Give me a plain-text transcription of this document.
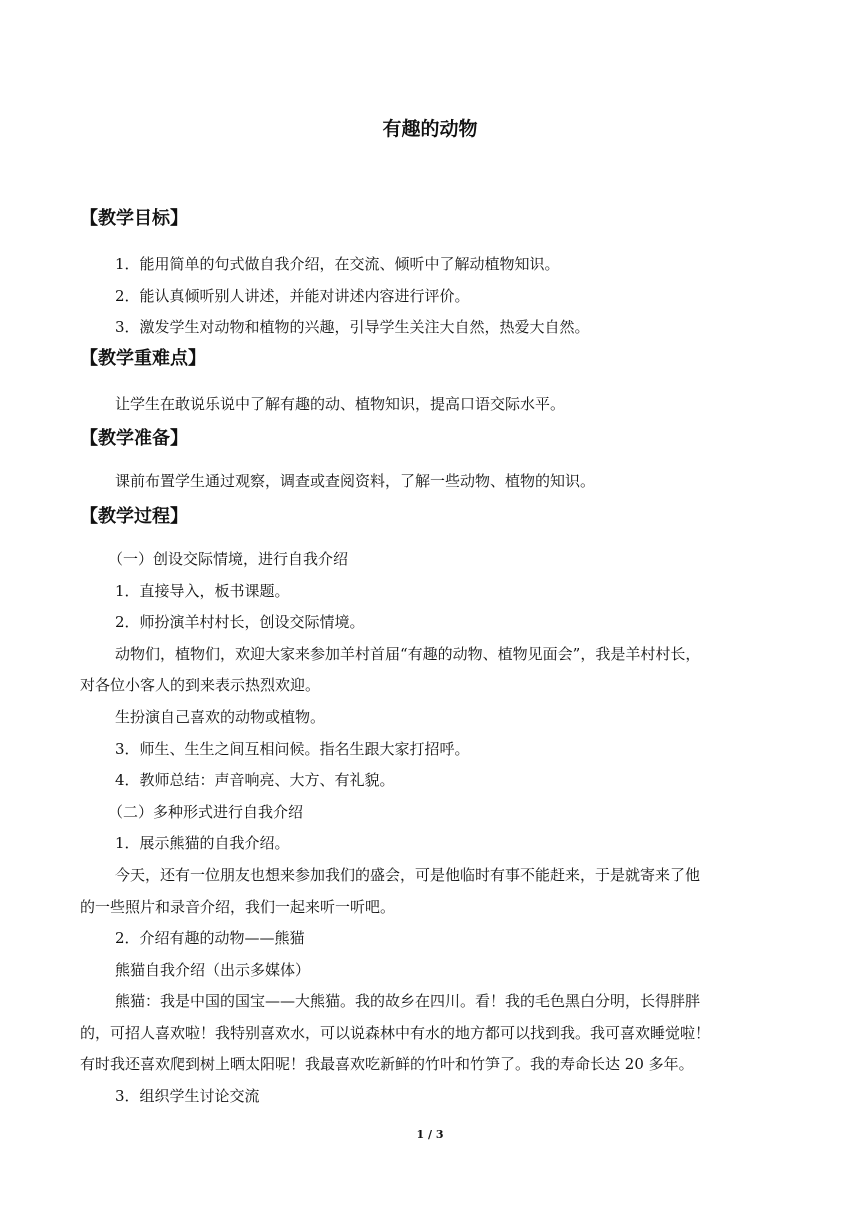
有趣的动物
【教学目标】

1．能用简单的句式做自我介绍，在交流、倾听中了解动植物知识。

2．能认真倾听别人讲述，并能对讲述内容进行评价。

3．激发学生对动物和植物的兴趣，引导学生关注大自然，热爱大自然。

【教学重难点】

让学生在敢说乐说中了解有趣的动、植物知识，提高口语交际水平。

【教学准备】

课前布置学生通过观察，调查或查阅资料，了解一些动物、植物的知识。

【教学过程】

（一）创设交际情境，进行自我介绍

1．直接导入，板书课题。

2．师扮演羊村村长，创设交际情境。

动物们，植物们，欢迎大家来参加羊村首届“有趣的动物、植物见面会”，我是羊村村长，

对各位小客人的到来表示热烈欢迎。

生扮演自己喜欢的动物或植物。

3．师生、生生之间互相问候。指名生跟大家打招呼。

4．教师总结：声音响亮、大方、有礼貌。

（二）多种形式进行自我介绍

1．展示熊猫的自我介绍。

今天，还有一位朋友也想来参加我们的盛会，可是他临时有事不能赶来，于是就寄来了他

的一些照片和录音介绍，我们一起来听一听吧。

2．介绍有趣的动物——熊猫

熊猫自我介绍（出示多媒体）

熊猫：我是中国的国宝——大熊猫。我的故乡在四川。看！我的毛色黑白分明，长得胖胖

的，可招人喜欢啦！我特别喜欢水，可以说森林中有水的地方都可以找到我。我可喜欢睡觉啦！

有时我还喜欢爬到树上晒太阳呢！我最喜欢吃新鲜的竹叶和竹笋了。我的寿命长达 20 多年。

3．组织学生讨论交流

1 / 3
